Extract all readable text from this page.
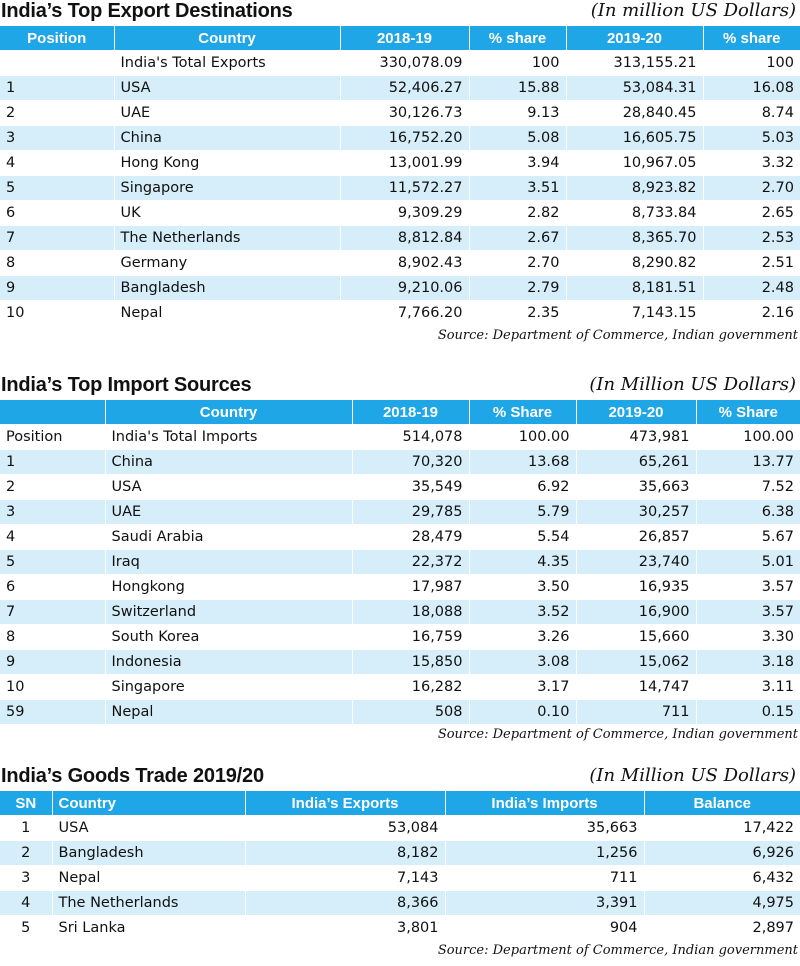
India’s Top Export Destinations	(In million US Dollars)
Position	Country	2018-19	% share	2019-20	% share
	India's Total Exports	330,078.09	100	313,155.21	100
1	USA	52,406.27	15.88	53,084.31	16.08
2	UAE	30,126.73	9.13	28,840.45	8.74
3	China	16,752.20	5.08	16,605.75	5.03
4	Hong Kong	13,001.99	3.94	10,967.05	3.32
5	Singapore	11,572.27	3.51	8,923.82	2.70
6	UK	9,309.29	2.82	8,733.84	2.65
7	The Netherlands	8,812.84	2.67	8,365.70	2.53
8	Germany	8,902.43	2.70	8,290.82	2.51
9	Bangladesh	9,210.06	2.79	8,181.51	2.48
10	Nepal	7,766.20	2.35	7,143.15	2.16
Source: Department of Commerce, Indian government
India’s Top Import Sources	(In Million US Dollars)
	Country	2018-19	% Share	2019-20	% Share
Position	India's Total Imports	514,078	100.00	473,981	100.00
1	China	70,320	13.68	65,261	13.77
2	USA	35,549	6.92	35,663	7.52
3	UAE	29,785	5.79	30,257	6.38
4	Saudi Arabia	28,479	5.54	26,857	5.67
5	Iraq	22,372	4.35	23,740	5.01
6	Hongkong	17,987	3.50	16,935	3.57
7	Switzerland	18,088	3.52	16,900	3.57
8	South Korea	16,759	3.26	15,660	3.30
9	Indonesia	15,850	3.08	15,062	3.18
10	Singapore	16,282	3.17	14,747	3.11
59	Nepal	508	0.10	711	0.15
Source: Department of Commerce, Indian government
India’s Goods Trade 2019/20	(In Million US Dollars)
SN	Country	India’s Exports	India’s Imports	Balance
1	USA	53,084	35,663	17,422
2	Bangladesh	8,182	1,256	6,926
3	Nepal	7,143	711	6,432
4	The Netherlands	8,366	3,391	4,975
5	Sri Lanka	3,801	904	2,897
Source: Department of Commerce, Indian government
